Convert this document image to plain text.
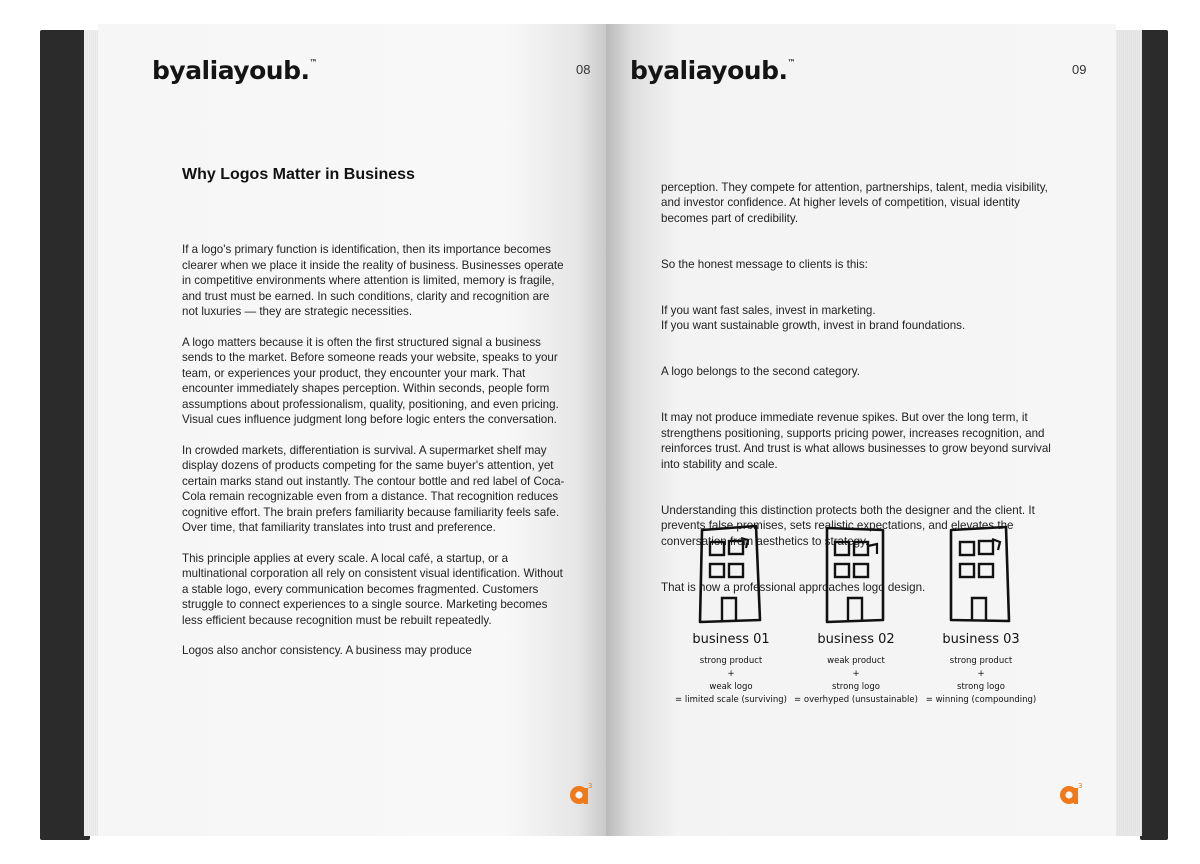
byaliayoub.™	08
Why Logos Matter in Business

If a logo's primary function is identification, then its importance becomes clearer when we place it inside the reality of business. Businesses operate in competitive environments where attention is limited, memory is fragile, and trust must be earned. In such conditions, clarity and recognition are not luxuries — they are strategic necessities.

A logo matters because it is often the first structured signal a business sends to the market. Before someone reads your website, speaks to your team, or experiences your product, they encounter your mark. That encounter immediately shapes perception. Within seconds, people form assumptions about professionalism, quality, positioning, and even pricing. Visual cues influence judgment long before logic enters the conversation.

In crowded markets, differentiation is survival. A supermarket shelf may display dozens of products competing for the same buyer's attention, yet certain marks stand out instantly. The contour bottle and red label of Coca-Cola remain recognizable even from a distance. That recognition reduces cognitive effort. The brain prefers familiarity because familiarity feels safe. Over time, that familiarity translates into trust and preference.

This principle applies at every scale. A local café, a startup, or a multinational corporation all rely on consistent visual identification. Without a stable logo, every communication becomes fragmented. Customers struggle to connect experiences to a single source. Marketing becomes less efficient because recognition must be rebuilt repeatedly.

Logos also anchor consistency. A business may produce

3
byaliayoub.™	09

perception. They compete for attention, partnerships, talent, media visibility, and investor confidence. At higher levels of competition, visual identity becomes part of credibility.

So the honest message to clients is this:

If you want fast sales, invest in marketing.
If you want sustainable growth, invest in brand foundations.

A logo belongs to the second category.

It may not produce immediate revenue spikes. But over the long term, it strengthens positioning, supports pricing power, increases recognition, and reinforces trust. And trust is what allows businesses to grow beyond survival into stability and scale.

Understanding this distinction protects both the designer and the client. It prevents false promises, sets realistic expectations, and elevates the conversation from aesthetics to strategy.

That is how a professional approaches logo design.

business 01
strong product
+
weak logo
= limited scale (surviving)
business 02
weak product
+
strong logo
= overhyped (unsustainable)
business 03
strong product
+
strong logo
= winning (compounding)
3
